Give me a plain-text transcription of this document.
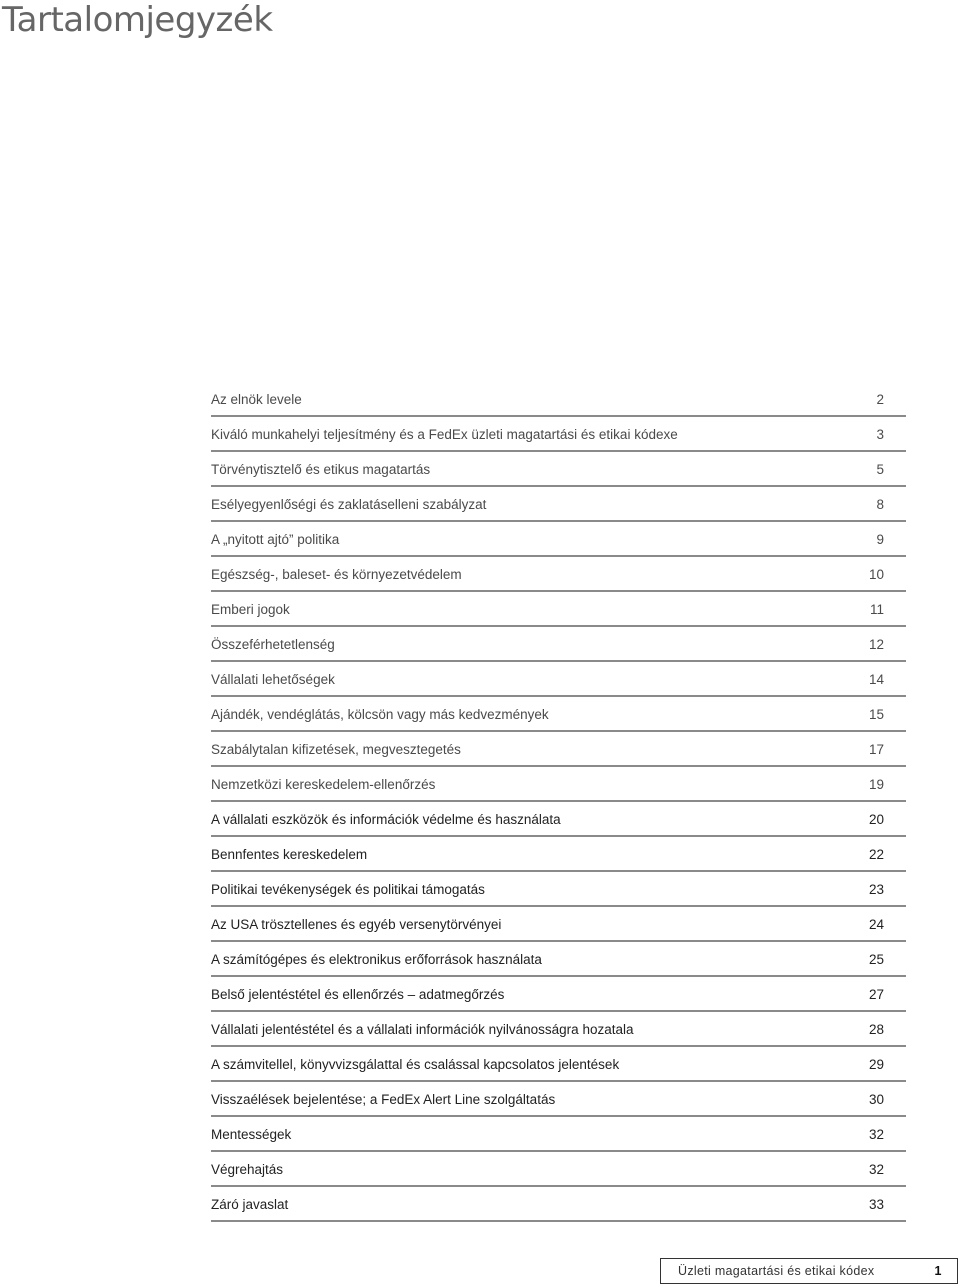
Tartalomjegyzék
Az elnök levele	2
Kiváló munkahelyi teljesítmény és a FedEx üzleti magatartási és etikai kódexe	3
Törvénytisztelő és etikus magatartás	5
Esélyegyenlőségi és zaklatáselleni szabályzat	8
A „nyitott ajtó” politika	9
Egészség-, baleset- és környezetvédelem	10
Emberi jogok	11
Összeférhetetlenség	12
Vállalati lehetőségek	14
Ajándék, vendéglátás, kölcsön vagy más kedvezmények	15
Szabálytalan kifizetések, megvesztegetés	17
Nemzetközi kereskedelem-ellenőrzés	19
A vállalati eszközök és információk védelme és használata	20
Bennfentes kereskedelem	22
Politikai tevékenységek és politikai támogatás	23
Az USA trösztellenes és egyéb versenytörvényei	24
A számítógépes és elektronikus erőforrások használata	25
Belső jelentéstétel és ellenőrzés – adatmegőrzés	27
Vállalati jelentéstétel és a vállalati információk nyilvánosságra hozatala	28
A számvitellel, könyvvizsgálattal és csalással kapcsolatos jelentések	29
Visszaélések bejelentése; a FedEx Alert Line szolgáltatás	30
Mentességek	32
Végrehajtás	32
Záró javaslat	33
Üzleti magatartási és etikai kódex	1
